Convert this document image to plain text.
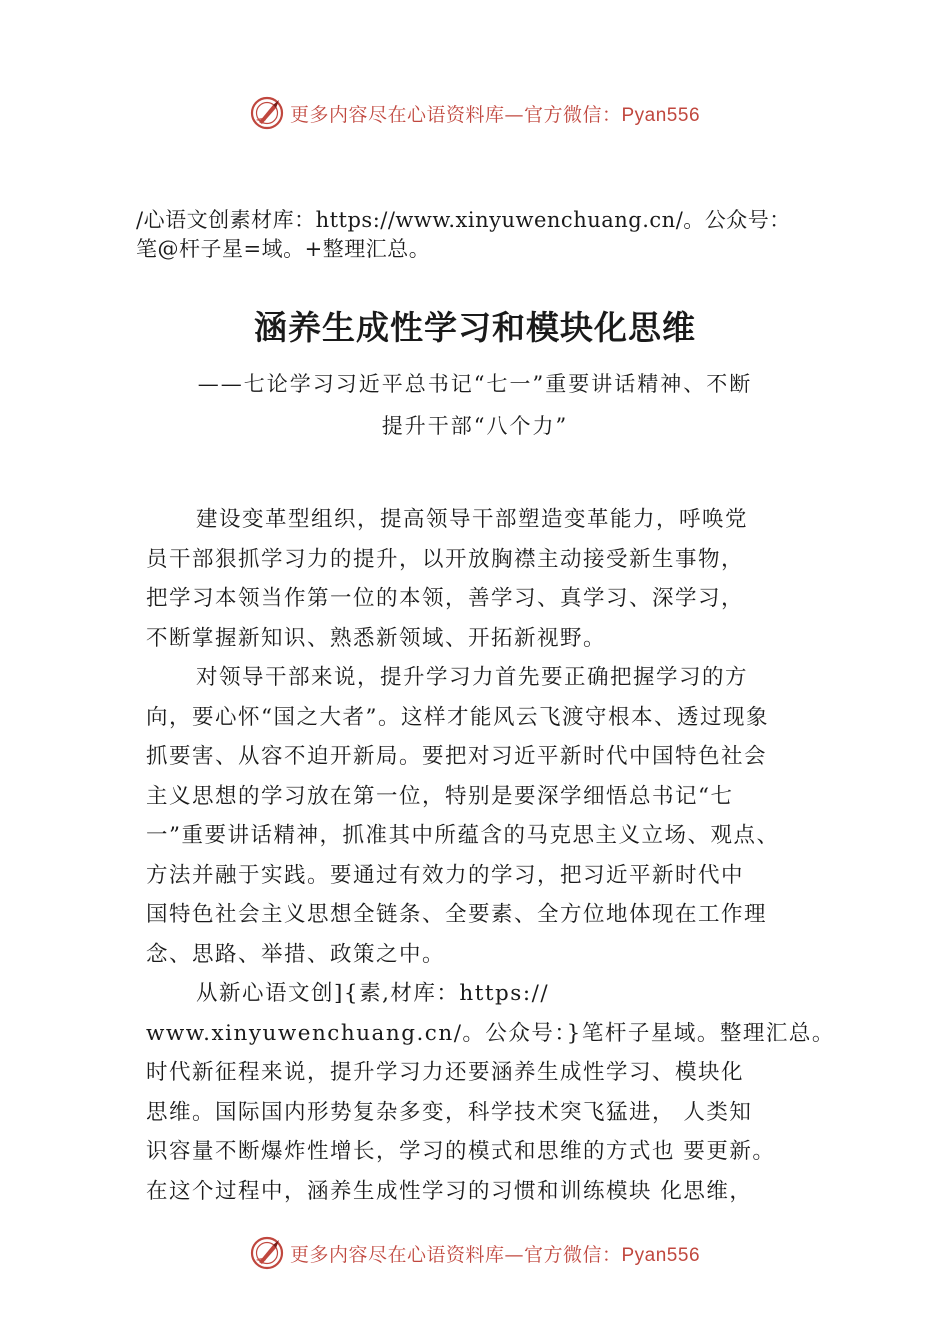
更多内容尽在心语资料库—官方微信：Pyan556
/心语文创素材库：https://www.xinyuwenchuang.cn/。公众号：
笔@杆子星=域。+整理汇总。
涵养生成性学习和模块化思维
——七论学习习近平总书记“七一”重要讲话精神、不断
提升干部“八个力”
建设变革型组织，提高领导干部塑造变革能力，呼唤党
员干部狠抓学习力的提升，以开放胸襟主动接受新生事物，
把学习本领当作第一位的本领，善学习、真学习、深学习，
不断掌握新知识、熟悉新领域、开拓新视野。
对领导干部来说，提升学习力首先要正确把握学习的方
向，要心怀“国之大者”。这样才能风云飞渡守根本、透过现象
抓要害、从容不迫开新局。要把对习近平新时代中国特色社会
主义思想的学习放在第一位，特别是要深学细悟总书记“七
一”重要讲话精神，抓准其中所蕴含的马克思主义立场、观点、
方法并融于实践。要通过有效力的学习，把习近平新时代中
国特色社会主义思想全链条、全要素、全方位地体现在工作理
念、思路、举措、政策之中。
从新心语文创]{素,材库：https://
www.xinyuwenchuang.cn/。公众号：}笔杆子星域。整理汇总。
时代新征程来说，提升学习力还要涵养生成性学习、模块化
思维。国际国内形势复杂多变，科学技术突飞猛进， 人类知
识容量不断爆炸性增长，学习的模式和思维的方式也 要更新。
在这个过程中，涵养生成性学习的习惯和训练模块 化思维，
更多内容尽在心语资料库—官方微信：Pyan556
